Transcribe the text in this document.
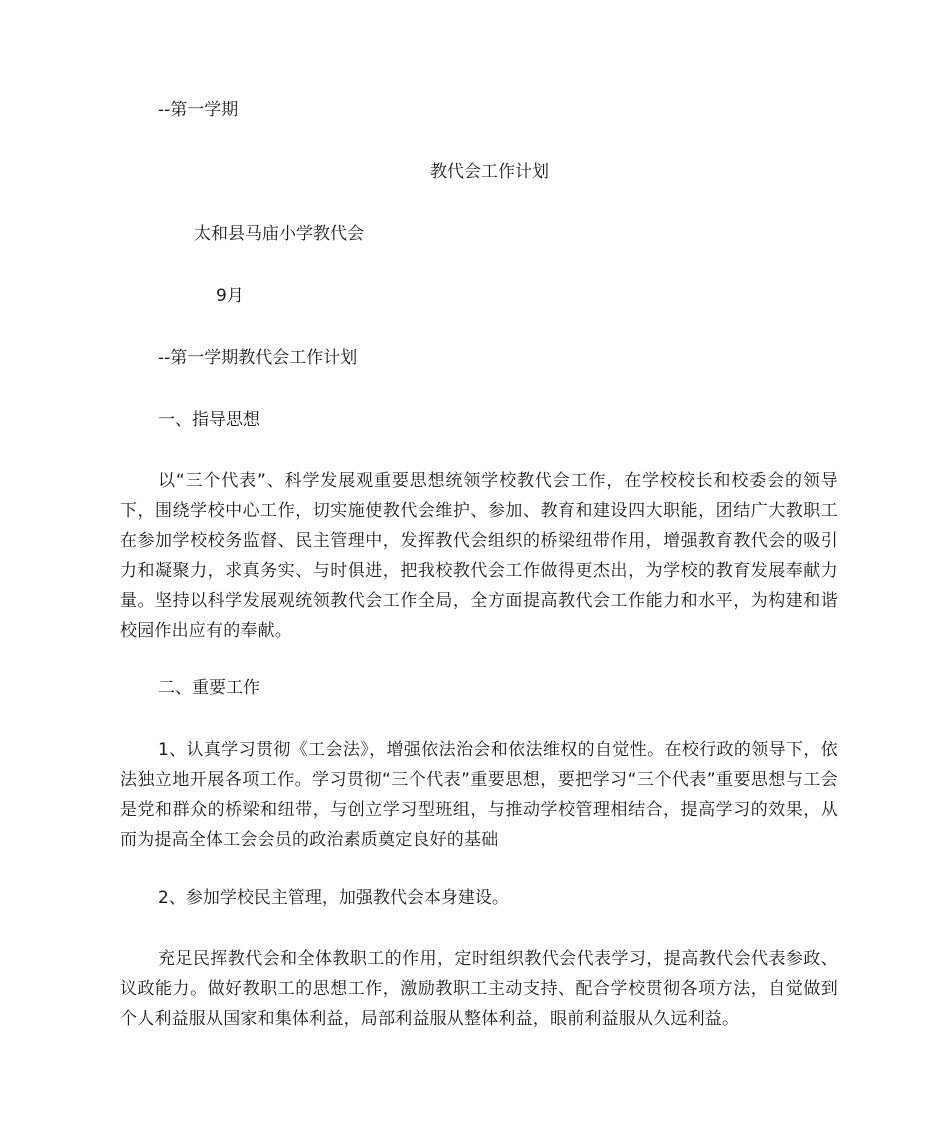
--第一学期
教代会工作计划
太和县马庙小学教代会
9月
--第一学期教代会工作计划
一、指导思想
以“三个代表”、科学发展观重要思想统领学校教代会工作，在学校校长和校委会的领导下，围绕学校中心工作，切实施使教代会维护、参加、教育和建设四大职能，团结广大教职工在参加学校校务监督、民主管理中，发挥教代会组织的桥梁纽带作用，增强教育教代会的吸引力和凝聚力，求真务实、与时俱进，把我校教代会工作做得更杰出，为学校的教育发展奉献力量。坚持以科学发展观统领教代会工作全局，全方面提高教代会工作能力和水平，为构建和谐校园作出应有的奉献。
二、重要工作
1、认真学习贯彻《工会法》，增强依法治会和依法维权的自觉性。在校行政的领导下，依法独立地开展各项工作。学习贯彻“三个代表”重要思想，要把学习“三个代表”重要思想与工会是党和群众的桥梁和纽带，与创立学习型班组，与推动学校管理相结合，提高学习的效果，从而为提高全体工会会员的政治素质奠定良好的基础
2、参加学校民主管理，加强教代会本身建设。
充足民挥教代会和全体教职工的作用，定时组织教代会代表学习，提高教代会代表参政、议政能力。做好教职工的思想工作，激励教职工主动支持、配合学校贯彻各项方法，自觉做到个人利益服从国家和集体利益，局部利益服从整体利益，眼前利益服从久远利益。
